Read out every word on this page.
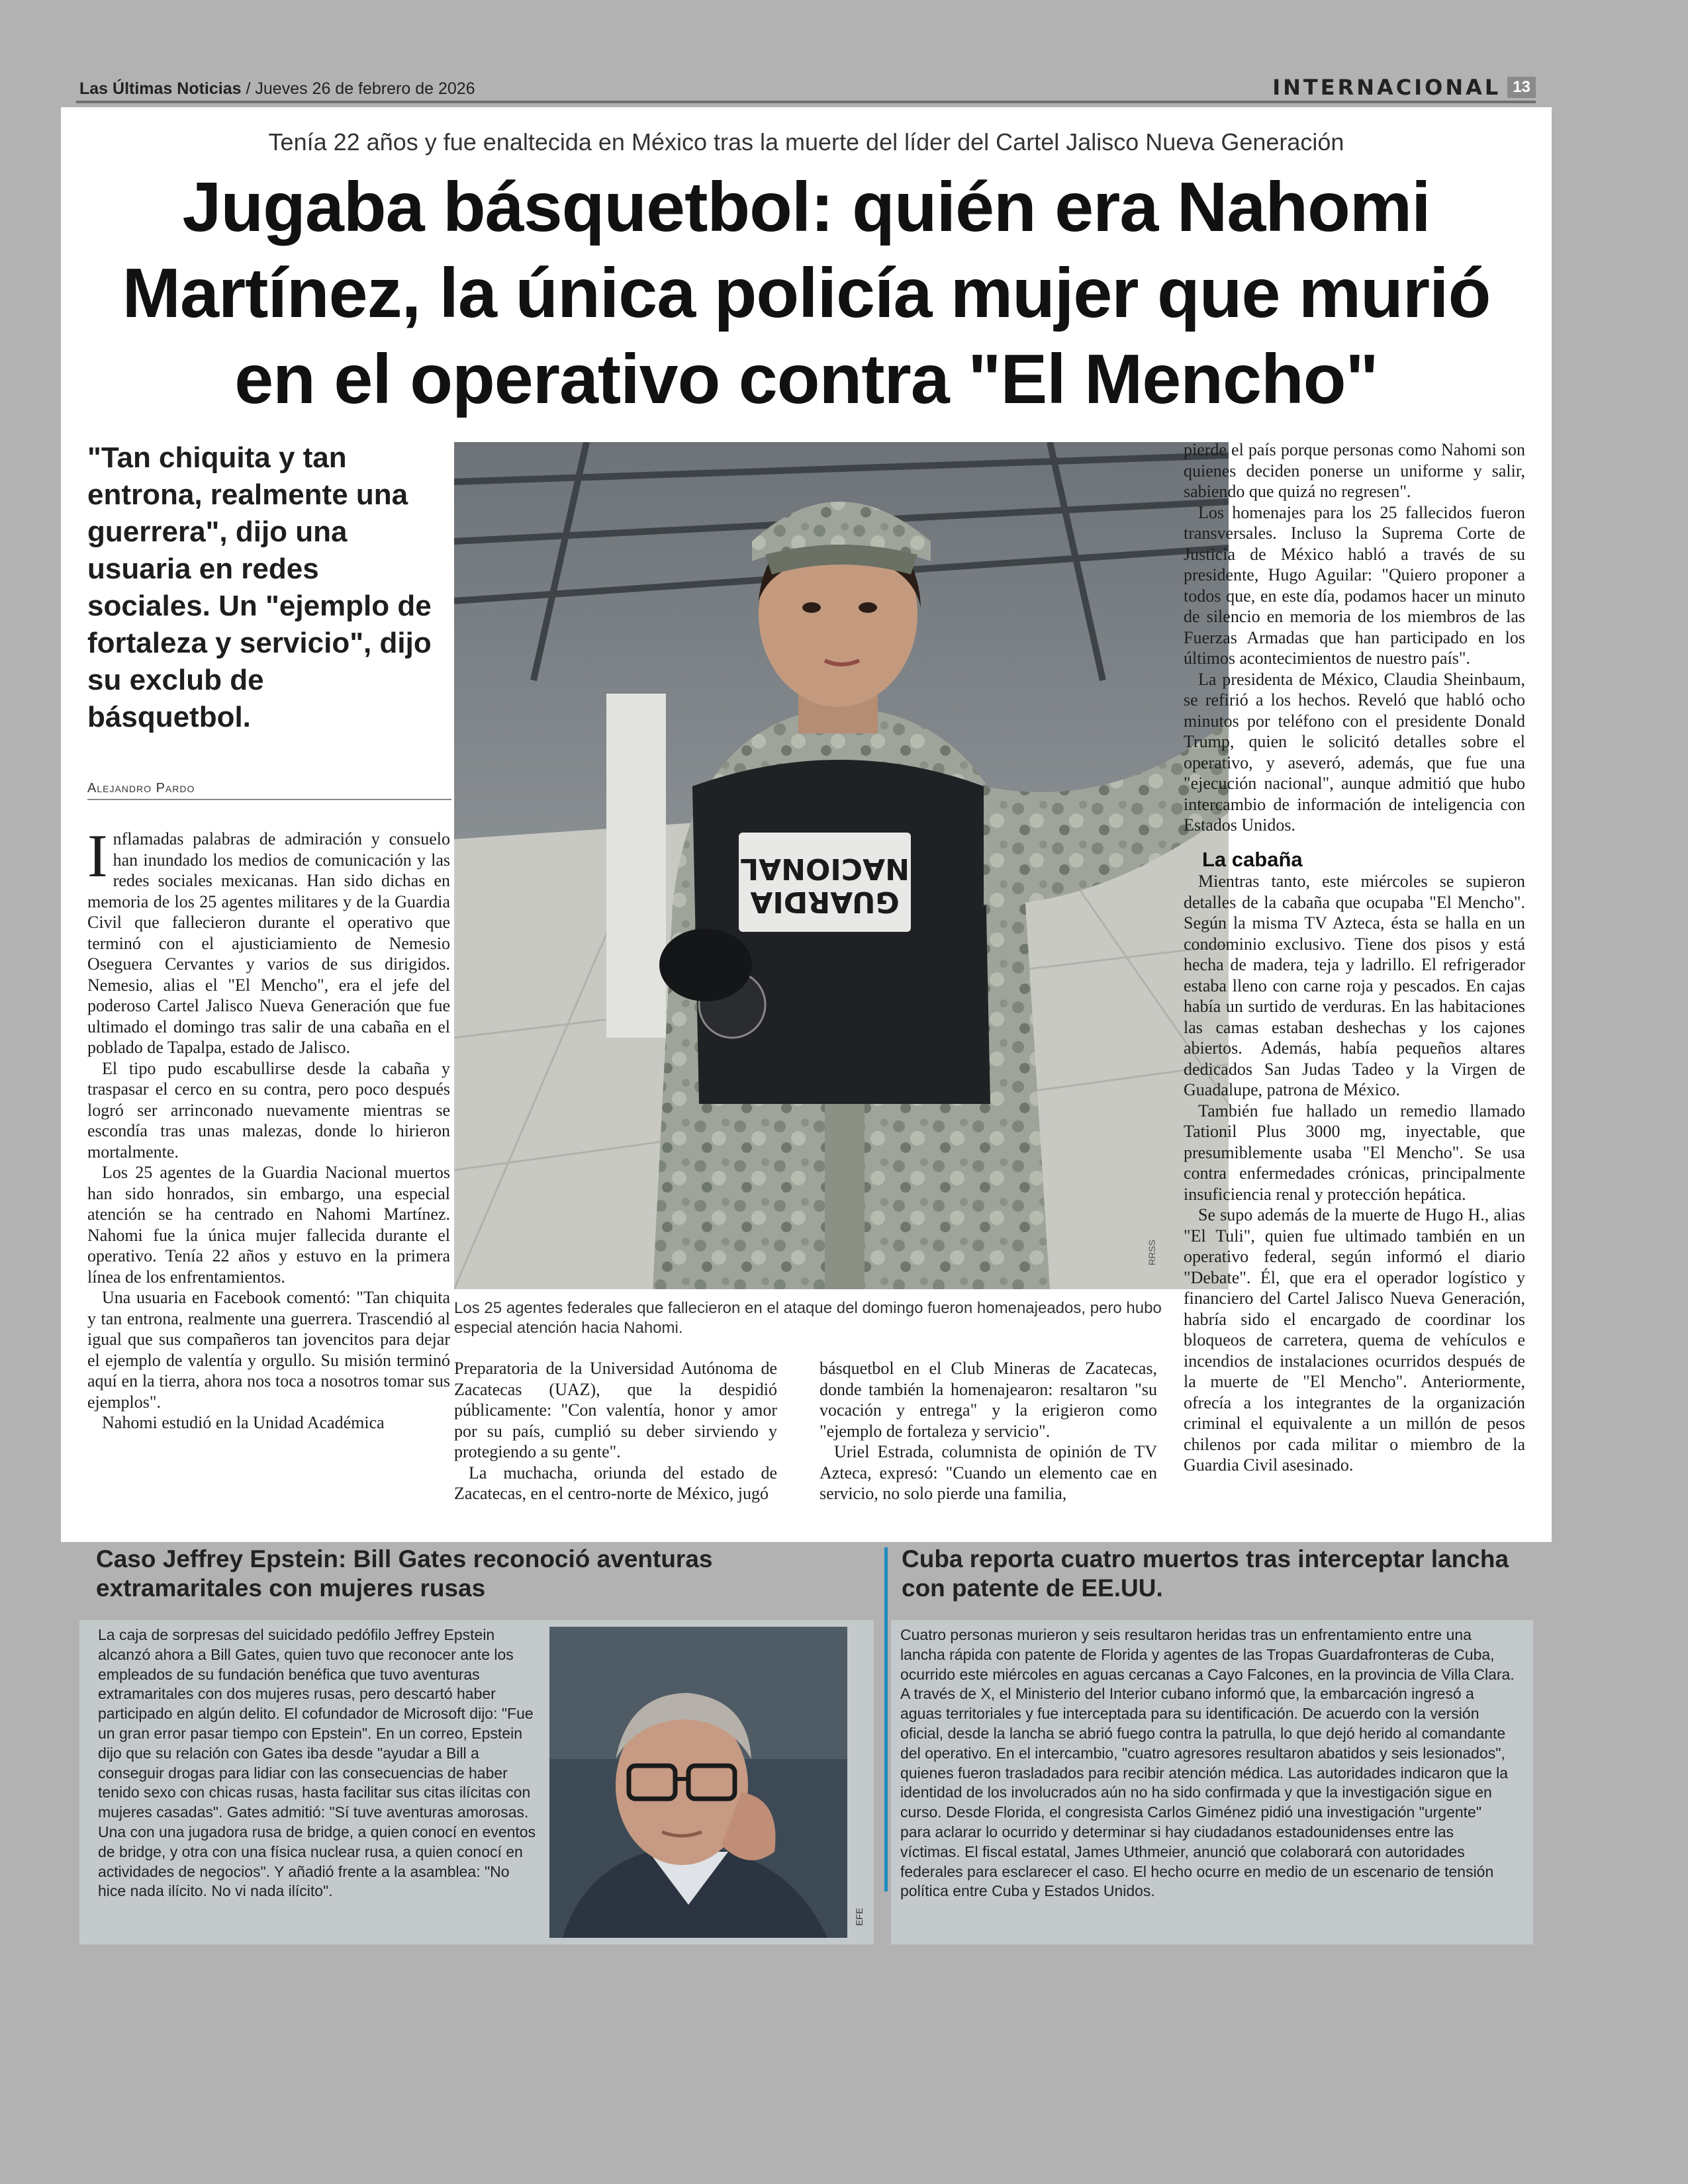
Las Últimas Noticias / Jueves 26 de febrero de 2026	INTERNACIONAL 13
Tenía 22 años y fue enaltecida en México tras la muerte del líder del Cartel Jalisco Nueva Generación
Jugaba básquetbol: quién era Nahomi Martínez, la única policía mujer que murió en el operativo contra "El Mencho"
"Tan chiquita y tan entrona, realmente una guerrera", dijo una usuaria en redes sociales. Un "ejemplo de fortaleza y servicio", dijo su exclub de básquetbol.
Alejandro Pardo

Inflamadas palabras de admiración y consuelo han inundado los medios de comunicación y las redes sociales mexicanas. Han sido dichas en memoria de los 25 agentes militares y de la Guardia Civil que fallecieron durante el operativo que terminó con el ajusticiamiento de Nemesio Oseguera Cervantes y varios de sus dirigidos. Nemesio, alias el "El Mencho", era el jefe del poderoso Cartel Jalisco Nueva Generación que fue ultimado el domingo tras salir de una cabaña en el poblado de Tapalpa, estado de Jalisco.

El tipo pudo escabullirse desde la cabaña y traspasar el cerco en su contra, pero poco después logró ser arrinconado nuevamente mientras se escondía tras unas malezas, donde lo hirieron mortalmente.

Los 25 agentes de la Guardia Nacional muertos han sido honrados, sin embargo, una especial atención se ha centrado en Nahomi Martínez. Nahomi fue la única mujer fallecida durante el operativo. Tenía 22 años y estuvo en la primera línea de los enfrentamientos.

Una usuaria en Facebook comentó: "Tan chiquita y tan entrona, realmente una guerrera. Trascendió al igual que sus compañeros tan jovencitos para dejar el ejemplo de valentía y orgullo. Su misión terminó aquí en la tierra, ahora nos toca a nosotros tomar sus ejemplos".

Nahomi estudió en la Unidad Académica

GUARDIA
NACIONAL
RRSS
Los 25 agentes federales que fallecieron en el ataque del domingo fueron homenajeados, pero hubo especial atención hacia Nahomi.

Preparatoria de la Universidad Autónoma de Zacatecas (UAZ), que la despidió públicamente: "Con valentía, honor y amor por su país, cumplió su deber sirviendo y protegiendo a su gente".

La muchacha, oriunda del estado de Zacatecas, en el centro-norte de México, jugó

básquetbol en el Club Mineras de Zacatecas, donde también la homenajearon: resaltaron "su vocación y entrega" y la erigieron como "ejemplo de fortaleza y servicio".

Uriel Estrada, columnista de opinión de TV Azteca, expresó: "Cuando un elemento cae en servicio, no solo pierde una familia,

pierde el país porque personas como Nahomi son quienes deciden ponerse un uniforme y salir, sabiendo que quizá no regresen".

Los homenajes para los 25 fallecidos fueron transversales. Incluso la Suprema Corte de Justicia de México habló a través de su presidente, Hugo Aguilar: "Quiero proponer a todos que, en este día, podamos hacer un minuto de silencio en memoria de los miembros de las Fuerzas Armadas que han participado en los últimos acontecimientos de nuestro país".

La presidenta de México, Claudia Sheinbaum, se refirió a los hechos. Reveló que habló ocho minutos por teléfono con el presidente Donald Trump, quien le solicitó detalles sobre el operativo, y aseveró, además, que fue una "ejecución nacional", aunque admitió que hubo intercambio de información de inteligencia con Estados Unidos.

La cabaña

Mientras tanto, este miércoles se supieron detalles de la cabaña que ocupaba "El Mencho". Según la misma TV Azteca, ésta se halla en un condominio exclusivo. Tiene dos pisos y está hecha de madera, teja y ladrillo. El refrigerador estaba lleno con carne roja y pescados. En cajas había un surtido de verduras. En las habitaciones las camas estaban deshechas y los cajones abiertos. Además, había pequeños altares dedicados San Judas Tadeo y la Virgen de Guadalupe, patrona de México.

También fue hallado un remedio llamado Tationil Plus 3000 mg, inyectable, que presumiblemente usaba "El Mencho". Se usa contra enfermedades crónicas, principalmente insuficiencia renal y protección hepática.

Se supo además de la muerte de Hugo H., alias "El Tuli", quien fue ultimado también en un operativo federal, según informó el diario "Debate". Él, que era el operador logístico y financiero del Cartel Jalisco Nueva Generación, habría sido el encargado de coordinar los bloqueos de carretera, quema de vehículos e incendios de instalaciones ocurridos después de la muerte de "El Mencho". Anteriormente, ofrecía a los integrantes de la organización criminal el equivalente a un millón de pesos chilenos por cada militar o miembro de la Guardia Civil asesinado.

Caso Jeffrey Epstein: Bill Gates reconoció aventuras extramaritales con mujeres rusas
La caja de sorpresas del suicidado pedófilo Jeffrey Epstein alcanzó ahora a Bill Gates, quien tuvo que reconocer ante los empleados de su fundación benéfica que tuvo aventuras extramaritales con dos mujeres rusas, pero descartó haber participado en algún delito. El cofundador de Microsoft dijo: "Fue un gran error pasar tiempo con Epstein". En un correo, Epstein dijo que su relación con Gates iba desde "ayudar a Bill a conseguir drogas para lidiar con las consecuencias de haber tenido sexo con chicas rusas, hasta facilitar sus citas ilícitas con mujeres casadas". Gates admitió: "Sí tuve aventuras amorosas. Una con una jugadora rusa de bridge, a quien conocí en eventos de bridge, y otra con una física nuclear rusa, a quien conocí en actividades de negocios". Y añadió frente a la asamblea: "No hice nada ilícito. No vi nada ilícito".
EFE
Cuba reporta cuatro muertos tras interceptar lancha con patente de EE.UU.
Cuatro personas murieron y seis resultaron heridas tras un enfrentamiento entre una lancha rápida con patente de Florida y agentes de las Tropas Guardafronteras de Cuba, ocurrido este miércoles en aguas cercanas a Cayo Falcones, en la provincia de Villa Clara. A través de X, el Ministerio del Interior cubano informó que, la embarcación ingresó a aguas territoriales y fue interceptada para su identificación. De acuerdo con la versión oficial, desde la lancha se abrió fuego contra la patrulla, lo que dejó herido al comandante del operativo. En el intercambio, "cuatro agresores resultaron abatidos y seis lesionados", quienes fueron trasladados para recibir atención médica. Las autoridades indicaron que la identidad de los involucrados aún no ha sido confirmada y que la investigación sigue en curso. Desde Florida, el congresista Carlos Giménez pidió una investigación "urgente" para aclarar lo ocurrido y determinar si hay ciudadanos estadounidenses entre las víctimas. El fiscal estatal, James Uthmeier, anunció que colaborará con autoridades federales para esclarecer el caso. El hecho ocurre en medio de un escenario de tensión política entre Cuba y Estados Unidos.
